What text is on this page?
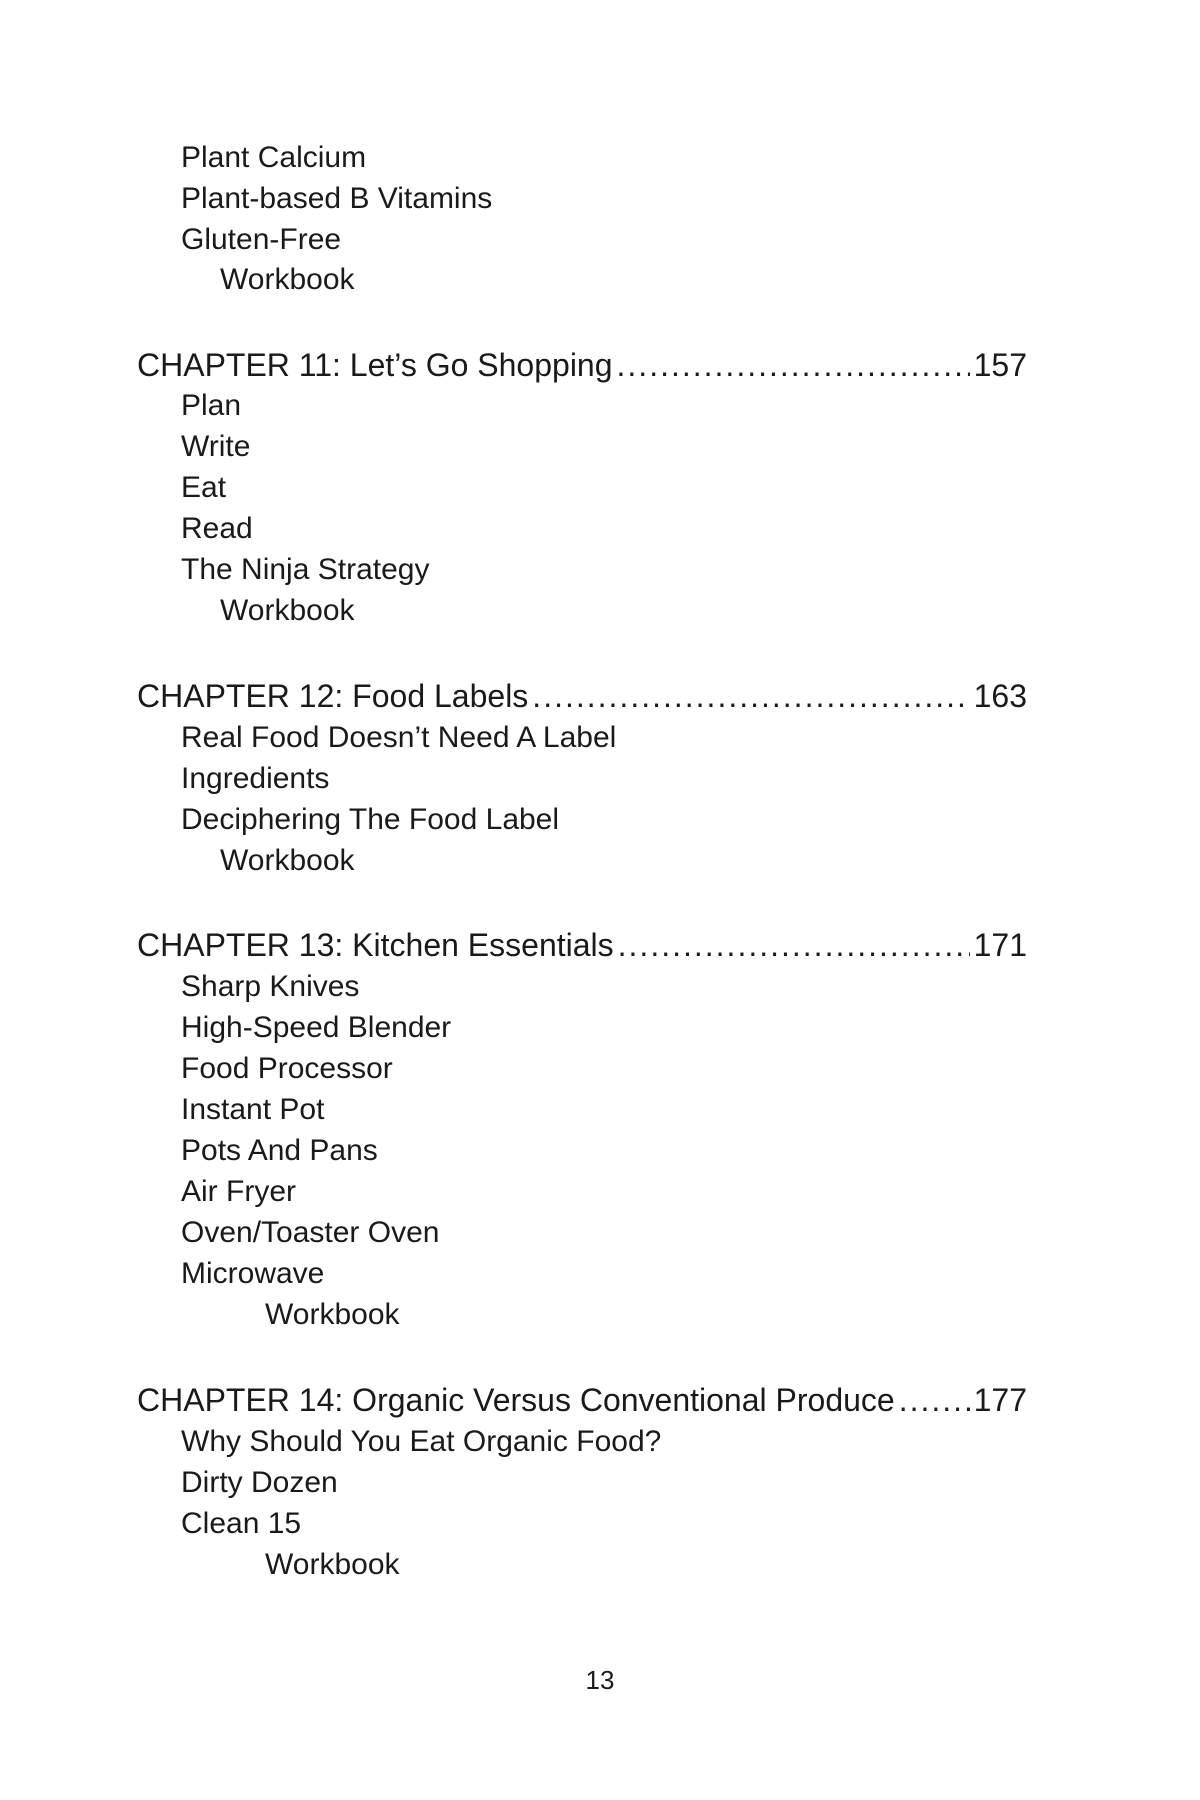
Plant Calcium
Plant-based B Vitamins
Gluten-Free
Workbook
CHAPTER 11: Let’s Go Shopping .....	157
Plan
Write
Eat
Read
The Ninja Strategy
Workbook
CHAPTER 12: Food Labels .....	163
Real Food Doesn’t Need A Label
Ingredients
Deciphering The Food Label
Workbook
CHAPTER 13: Kitchen Essentials .....	171
Sharp Knives
High-Speed Blender
Food Processor
Instant Pot
Pots And Pans
Air Fryer
Oven/Toaster Oven
Microwave
Workbook
CHAPTER 14: Organic Versus Conventional Produce ..... 177
Why Should You Eat Organic Food?
Dirty Dozen
Clean 15
Workbook
13
